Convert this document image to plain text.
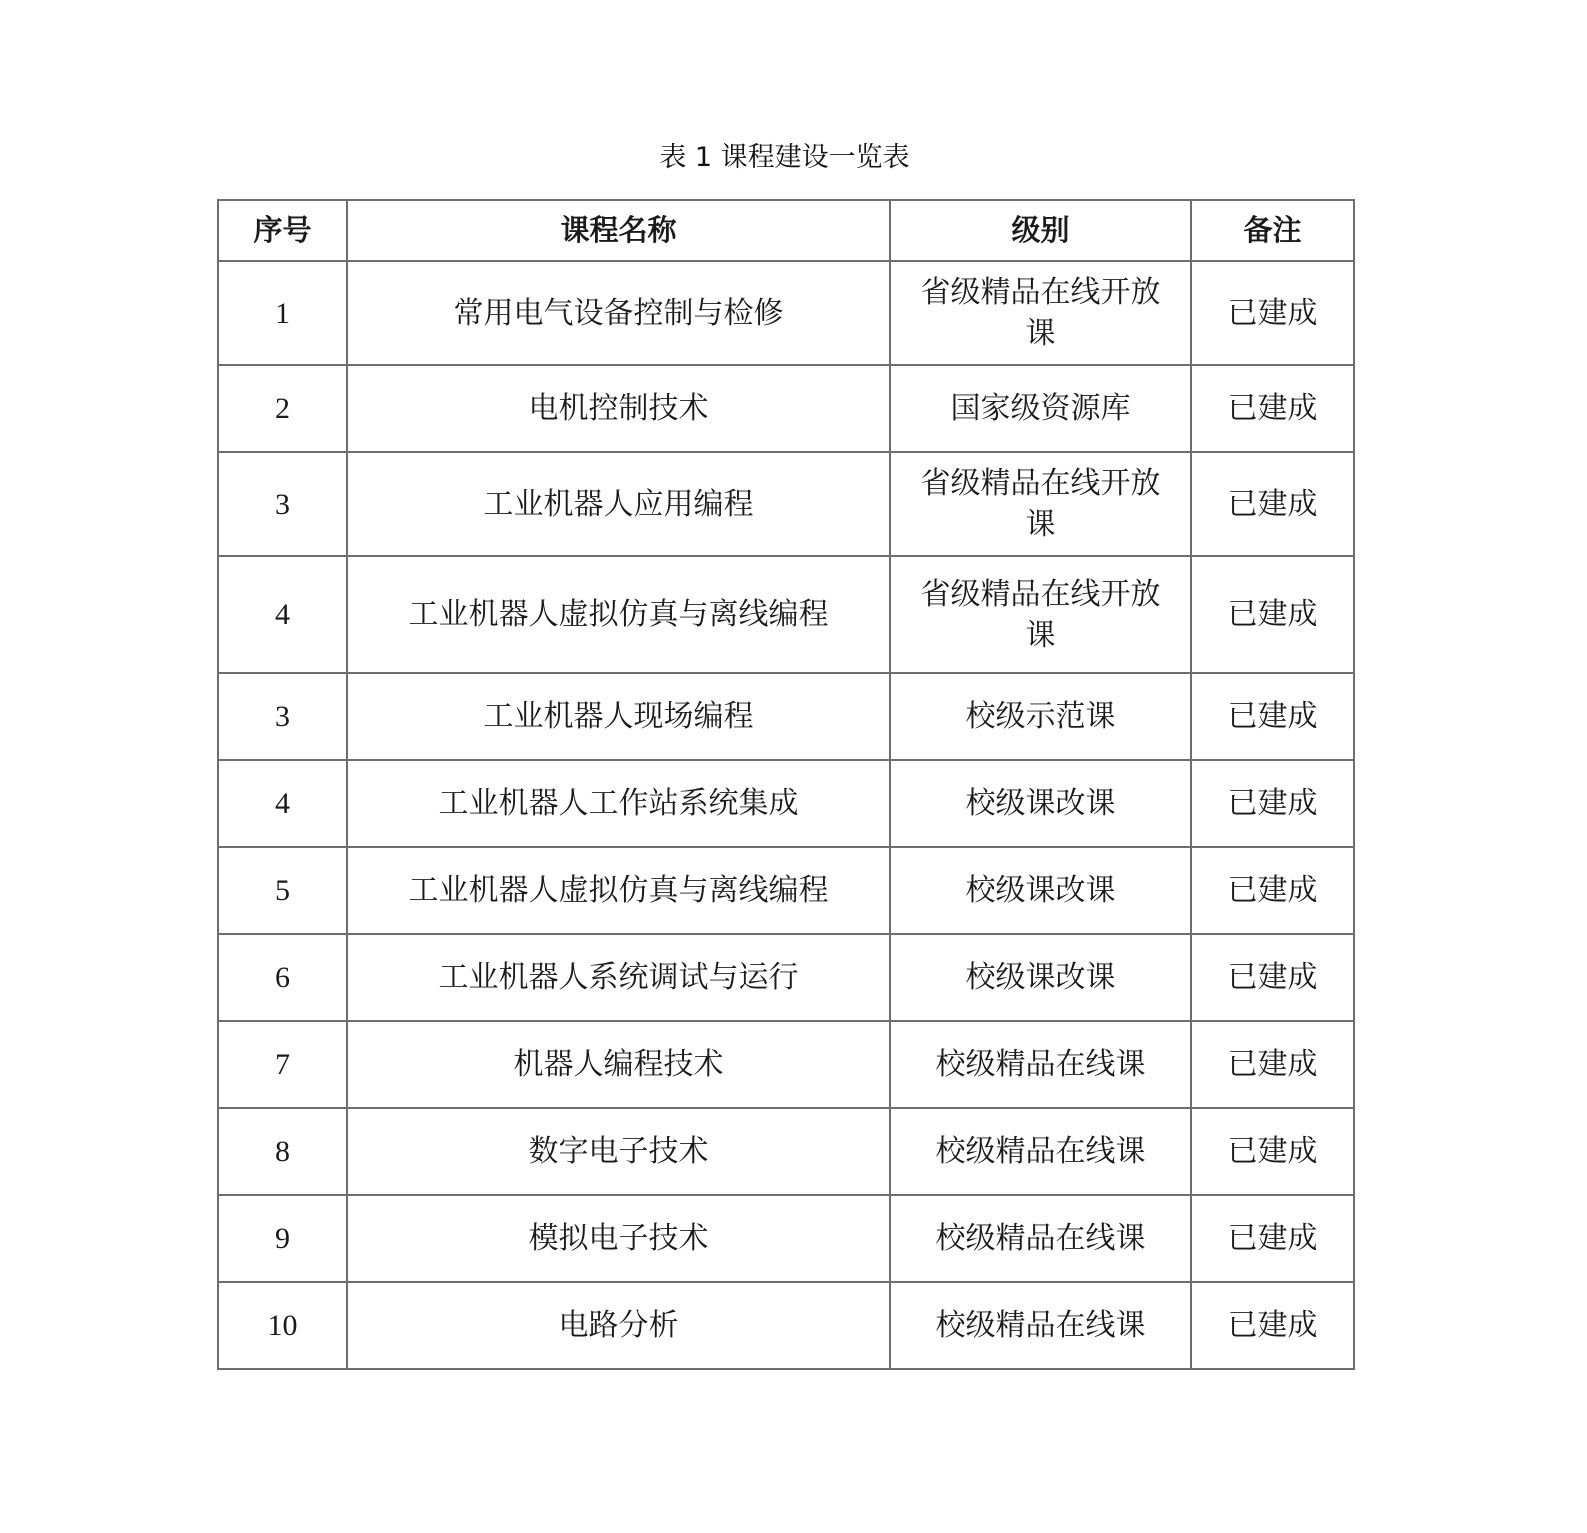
表 1 课程建设一览表
序号	课程名称	级别	备注
1	常用电气设备控制与检修	省级精品在线开放课	已建成
2	电机控制技术	国家级资源库	已建成
3	工业机器人应用编程	省级精品在线开放课	已建成
4	工业机器人虚拟仿真与离线编程	省级精品在线开放课	已建成
3	工业机器人现场编程	校级示范课	已建成
4	工业机器人工作站系统集成	校级课改课	已建成
5	工业机器人虚拟仿真与离线编程	校级课改课	已建成
6	工业机器人系统调试与运行	校级课改课	已建成
7	机器人编程技术	校级精品在线课	已建成
8	数字电子技术	校级精品在线课	已建成
9	模拟电子技术	校级精品在线课	已建成
10	电路分析	校级精品在线课	已建成
